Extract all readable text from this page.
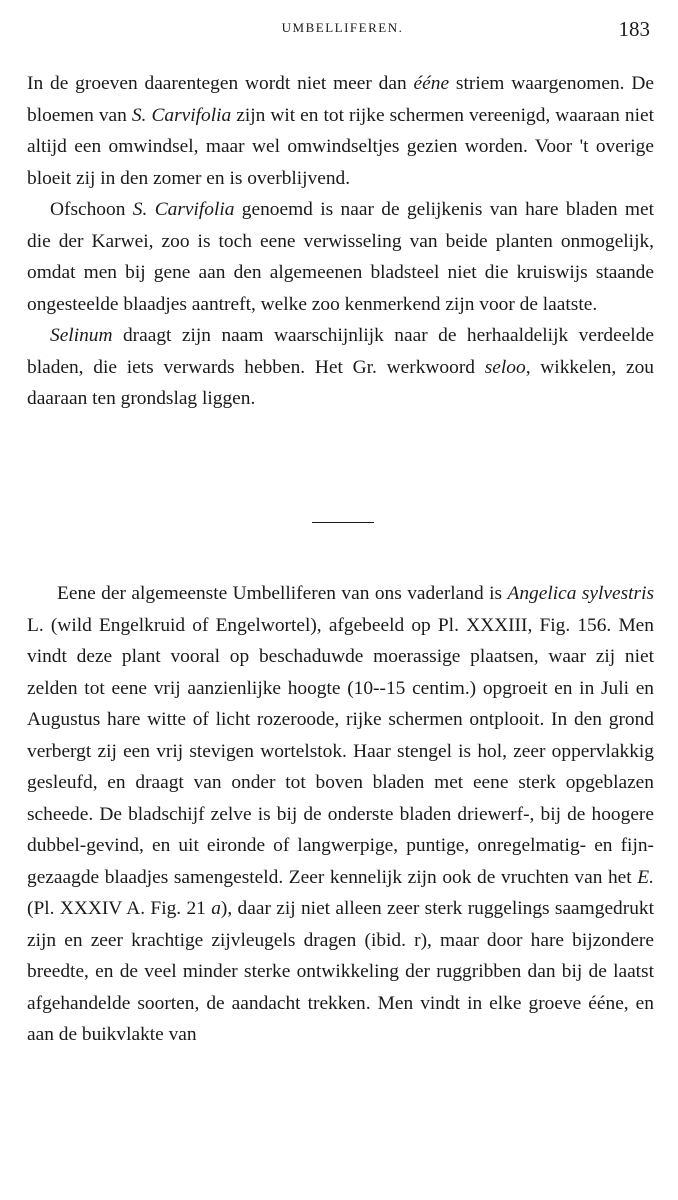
UMBELLIFEREN.	183

In de groeven daarentegen wordt niet meer dan ééne striem waargenomen. De bloemen van S. Carvifolia zijn wit en tot rijke schermen vereenigd, waaraan niet altijd een omwindsel, maar wel omwindseltjes gezien worden. Voor 't overige bloeit zij in den zomer en is overblijvend.

Ofschoon S. Carvifolia genoemd is naar de gelijkenis van hare bladen met die der Karwei, zoo is toch eene verwisseling van beide planten onmogelijk, omdat men bij gene aan den algemeenen bladsteel niet die kruiswijs staande ongesteelde blaadjes aantreft, welke zoo kenmerkend zijn voor de laatste.

Selinum draagt zijn naam waarschijnlijk naar de herhaaldelijk verdeelde bladen, die iets verwards hebben. Het Gr. werkwoord seloo, wikkelen, zou daaraan ten grondslag liggen.

Eene der algemeenste Umbelliferen van ons vaderland is Angelica sylvestris L. (wild Engelkruid of Engelwortel), afgebeeld op Pl. XXXIII, Fig. 156. Men vindt deze plant vooral op beschaduwde moerassige plaatsen, waar zij niet zelden tot eene vrij aanzienlijke hoogte (10--15 centim.) opgroeit en in Juli en Augustus hare witte of licht rozeroode, rijke schermen ontplooit. In den grond verbergt zij een vrij stevigen wortelstok. Haar stengel is hol, zeer oppervlakkig gesleufd, en draagt van onder tot boven bladen met eene sterk opgeblazen scheede. De bladschijf zelve is bij de onderste bladen driewerf-, bij de hoogere dubbel-gevind, en uit eironde of langwerpige, puntige, onregelmatig- en fijn-gezaagde blaadjes samengesteld. Zeer kennelijk zijn ook de vruchten van het E. (Pl. XXXIV A. Fig. 21 a), daar zij niet alleen zeer sterk ruggelings saamgedrukt zijn en zeer krachtige zijvleugels dragen (ibid. r), maar door hare bijzondere breedte, en de veel minder sterke ontwikkeling der ruggribben dan bij de laatst afgehandelde soorten, de aandacht trekken. Men vindt in elke groeve ééne, en aan de buikvlakte van
